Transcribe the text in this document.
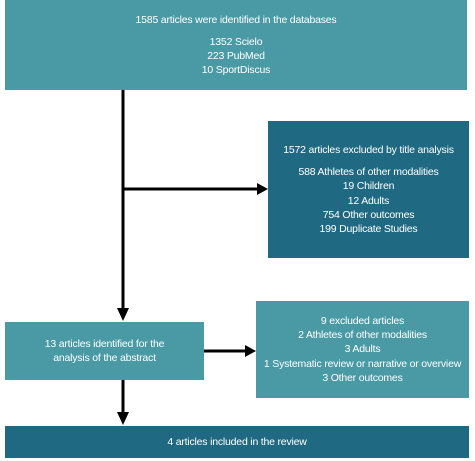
1585 articles were identified in the databases
1352 Scielo
223 PubMed
10 SportDiscus
1572 articles excluded by title analysis
588 Athletes of other modalities
19 Children
12 Adults
754 Other outcomes
199 Duplicate Studies
13 articles identified for the
analysis of the abstract
9 excluded articles
2 Athletes of other modalities
3 Adults
1 Systematic review or narrative or overview
3 Other outcomes
4 articles included in the review
